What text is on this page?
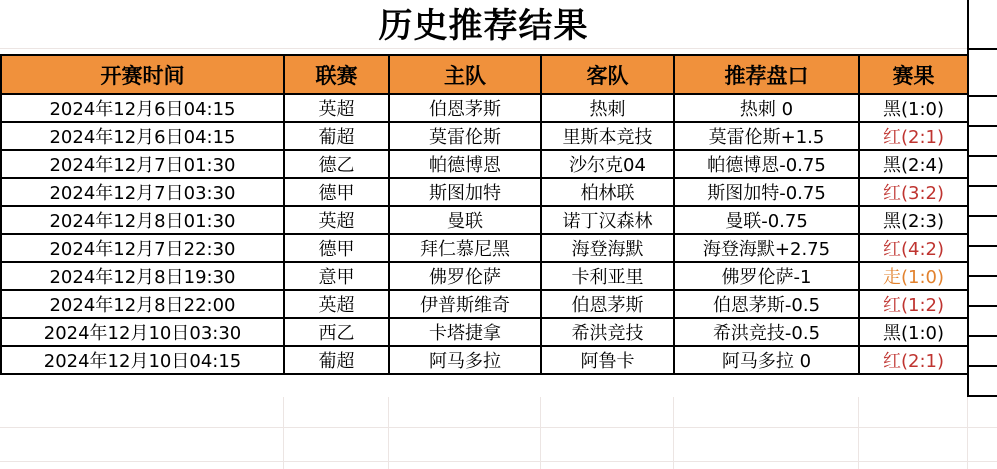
历史推荐结果
开赛时间	联赛	主队	客队	推荐盘口	赛果
2024年12月6日04:15	英超	伯恩茅斯	热刺	热刺 0	黑(1:0)
2024年12月6日04:15	葡超	莫雷伦斯	里斯本竞技	莫雷伦斯+1.5	红(2:1)
2024年12月7日01:30	德乙	帕德博恩	沙尔克04	帕德博恩-0.75	黑(2:4)
2024年12月7日03:30	德甲	斯图加特	柏林联	斯图加特-0.75	红(3:2)
2024年12月8日01:30	英超	曼联	诺丁汉森林	曼联-0.75	黑(2:3)
2024年12月7日22:30	德甲	拜仁慕尼黑	海登海默	海登海默+2.75	红(4:2)
2024年12月8日19:30	意甲	佛罗伦萨	卡利亚里	佛罗伦萨-1	走(1:0)
2024年12月8日22:00	英超	伊普斯维奇	伯恩茅斯	伯恩茅斯-0.5	红(1:2)
2024年12月10日03:30	西乙	卡塔捷拿	希洪竞技	希洪竞技-0.5	黑(1:0)
2024年12月10日04:15	葡超	阿马多拉	阿鲁卡	阿马多拉 0	红(2:1)
